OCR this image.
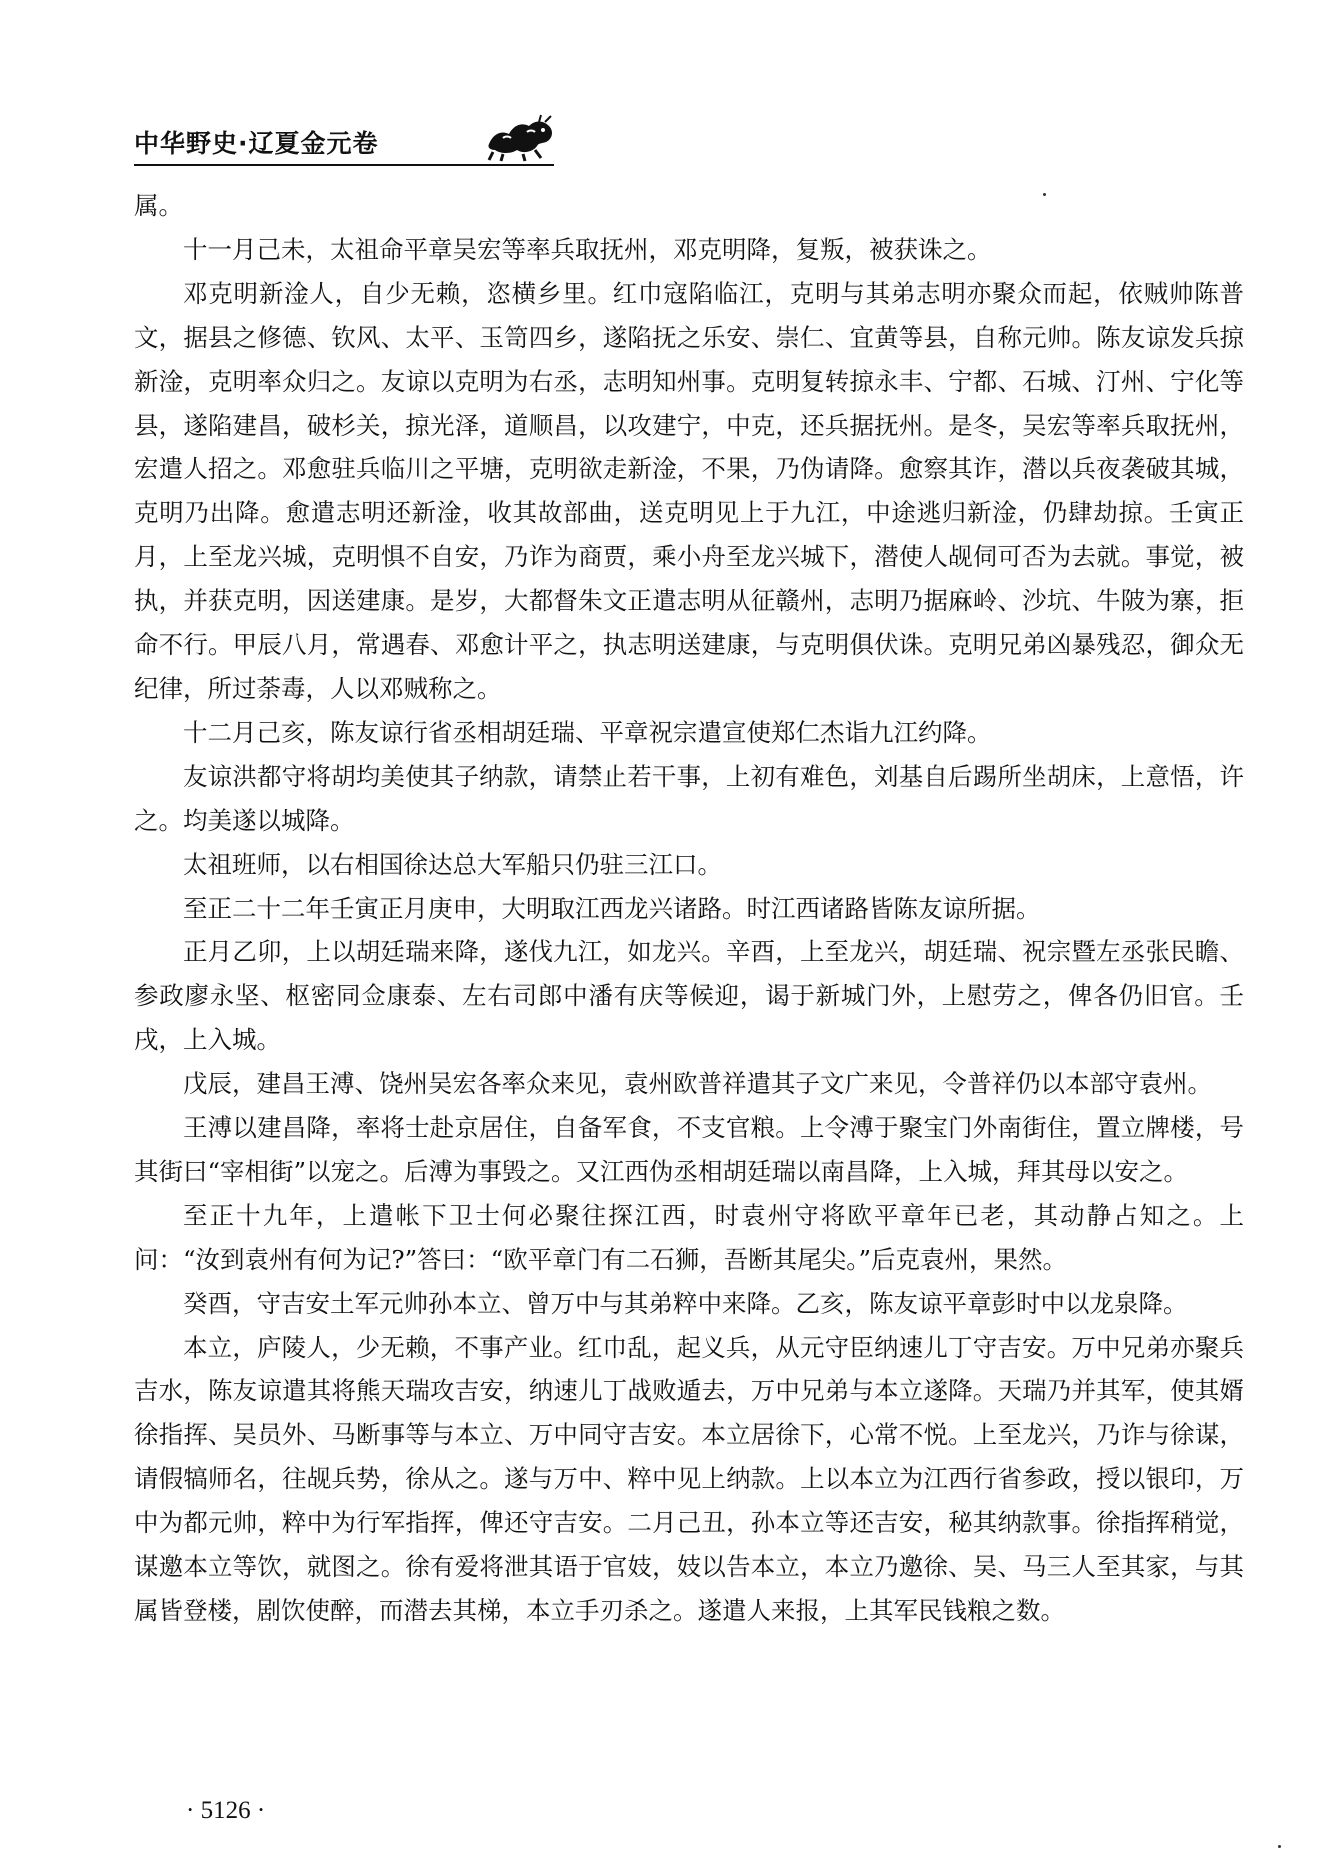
中华野史·辽夏金元卷

属。

十一月己未，太祖命平章吴宏等率兵取抚州，邓克明降，复叛，被获诛之。

邓克明新淦人，自少无赖，恣横乡里。红巾寇陷临江，克明与其弟志明亦聚众而起，依贼帅陈普文，据县之修德、钦风、太平、玉笥四乡，遂陷抚之乐安、崇仁、宜黄等县，自称元帅。陈友谅发兵掠新淦，克明率众归之。友谅以克明为右丞，志明知州事。克明复转掠永丰、宁都、石城、汀州、宁化等县，遂陷建昌，破杉关，掠光泽，道顺昌，以攻建宁，中克，还兵据抚州。是冬，吴宏等率兵取抚州，宏遣人招之。邓愈驻兵临川之平塘，克明欲走新淦，不果，乃伪请降。愈察其诈，潜以兵夜袭破其城，克明乃出降。愈遣志明还新淦，收其故部曲，送克明见上于九江，中途逃归新淦，仍肆劫掠。壬寅正月，上至龙兴城，克明惧不自安，乃诈为商贾，乘小舟至龙兴城下，潜使人觇伺可否为去就。事觉，被执，并获克明，因送建康。是岁，大都督朱文正遣志明从征赣州，志明乃据麻岭、沙坑、牛陂为寨，拒命不行。甲辰八月，常遇春、邓愈计平之，执志明送建康，与克明俱伏诛。克明兄弟凶暴残忍，御众无纪律，所过荼毒，人以邓贼称之。

十二月己亥，陈友谅行省丞相胡廷瑞、平章祝宗遣宣使郑仁杰诣九江约降。

友谅洪都守将胡均美使其子纳款，请禁止若干事，上初有难色，刘基自后踢所坐胡床，上意悟，许之。均美遂以城降。

太祖班师，以右相国徐达总大军船只仍驻三江口。

至正二十二年壬寅正月庚申，大明取江西龙兴诸路。时江西诸路皆陈友谅所据。

正月乙卯，上以胡廷瑞来降，遂伐九江，如龙兴。辛酉，上至龙兴，胡廷瑞、祝宗暨左丞张民瞻、参政廖永坚、枢密同佥康泰、左右司郎中潘有庆等候迎，谒于新城门外，上慰劳之，俾各仍旧官。壬戌，上入城。

戊辰，建昌王溥、饶州吴宏各率众来见，袁州欧普祥遣其子文广来见，令普祥仍以本部守袁州。

王溥以建昌降，率将士赴京居住，自备军食，不支官粮。上令溥于聚宝门外南街住，置立牌楼，号其街曰“宰相街”以宠之。后溥为事毁之。又江西伪丞相胡廷瑞以南昌降，上入城，拜其母以安之。

至正十九年，上遣帐下卫士何必聚往探江西，时袁州守将欧平章年已老，其动静占知之。上问：“汝到袁州有何为记?”答曰：“欧平章门有二石狮，吾断其尾尖。”后克袁州，果然。

癸酉，守吉安土军元帅孙本立、曾万中与其弟粹中来降。乙亥，陈友谅平章彭时中以龙泉降。

本立，庐陵人，少无赖，不事产业。红巾乱，起义兵，从元守臣纳速儿丁守吉安。万中兄弟亦聚兵吉水，陈友谅遣其将熊天瑞攻吉安，纳速儿丁战败遁去，万中兄弟与本立遂降。天瑞乃并其军，使其婿徐指挥、吴员外、马断事等与本立、万中同守吉安。本立居徐下，心常不悦。上至龙兴，乃诈与徐谋，请假犒师名，往觇兵势，徐从之。遂与万中、粹中见上纳款。上以本立为江西行省参政，授以银印，万中为都元帅，粹中为行军指挥，俾还守吉安。二月己丑，孙本立等还吉安，秘其纳款事。徐指挥稍觉，谋邀本立等饮，就图之。徐有爱将泄其语于官妓，妓以告本立，本立乃邀徐、吴、马三人至其家，与其属皆登楼，剧饮使醉，而潜去其梯，本立手刃杀之。遂遣人来报，上其军民钱粮之数。

· 5126 ·
